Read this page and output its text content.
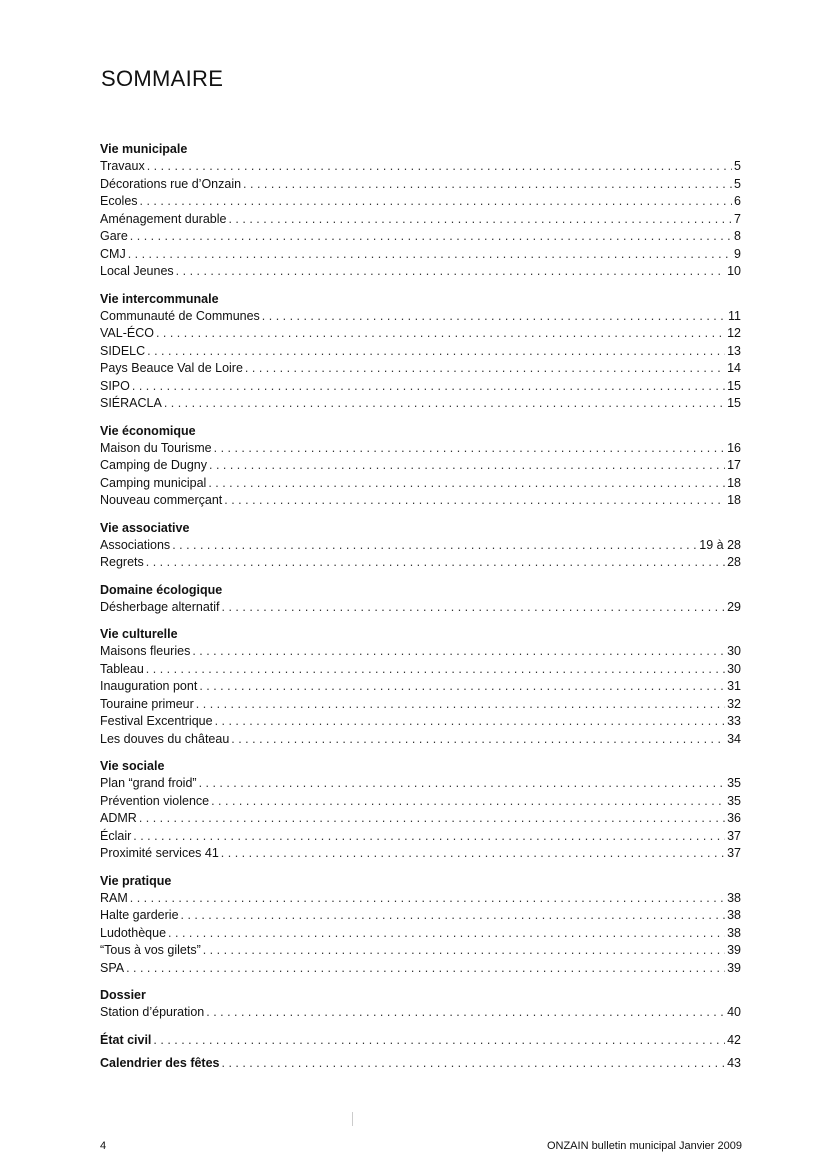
SOMMAIRE
Vie municipale
Travaux . . .	5
Décorations rue d’Onzain . . .	5
Ecoles . . .	6
Aménagement durable . . .	7
Gare . . .	8
CMJ . . .	9
Local Jeunes . . .	10
Vie intercommunale
Communauté de Communes . . .	11
VAL-ÉCO . . .	12
SIDELC . . .	13
Pays Beauce Val de Loire . . .	14
SIPO . . .	15
SIÉRACLA . . .	15
Vie économique
Maison du Tourisme . . .	16
Camping de Dugny . . .	17
Camping municipal . . .	18
Nouveau commerçant . . .	18
Vie associative
Associations . . .	19 à 28
Regrets . . .	28
Domaine écologique
Désherbage alternatif . . .	29
Vie culturelle
Maisons fleuries . . .	30
Tableau . . .	30
Inauguration pont . . .	31
Touraine primeur . . .	32
Festival Excentrique . . .	33
Les douves du château . . .	34
Vie sociale
Plan “grand froid” . . .	35
Prévention violence . . .	35
ADMR . . .	36
Éclair . . .	37
Proximité services 41 . . .	37
Vie pratique
RAM . . .	38
Halte garderie . . .	38
Ludothèque . . .	38
“Tous à vos gilets” . . .	39
SPA . . .	39
Dossier
Station d’épuration . . .	40
État civil . . .	42
Calendrier des fêtes . . .	43
4	ONZAIN bulletin municipal Janvier 2009
